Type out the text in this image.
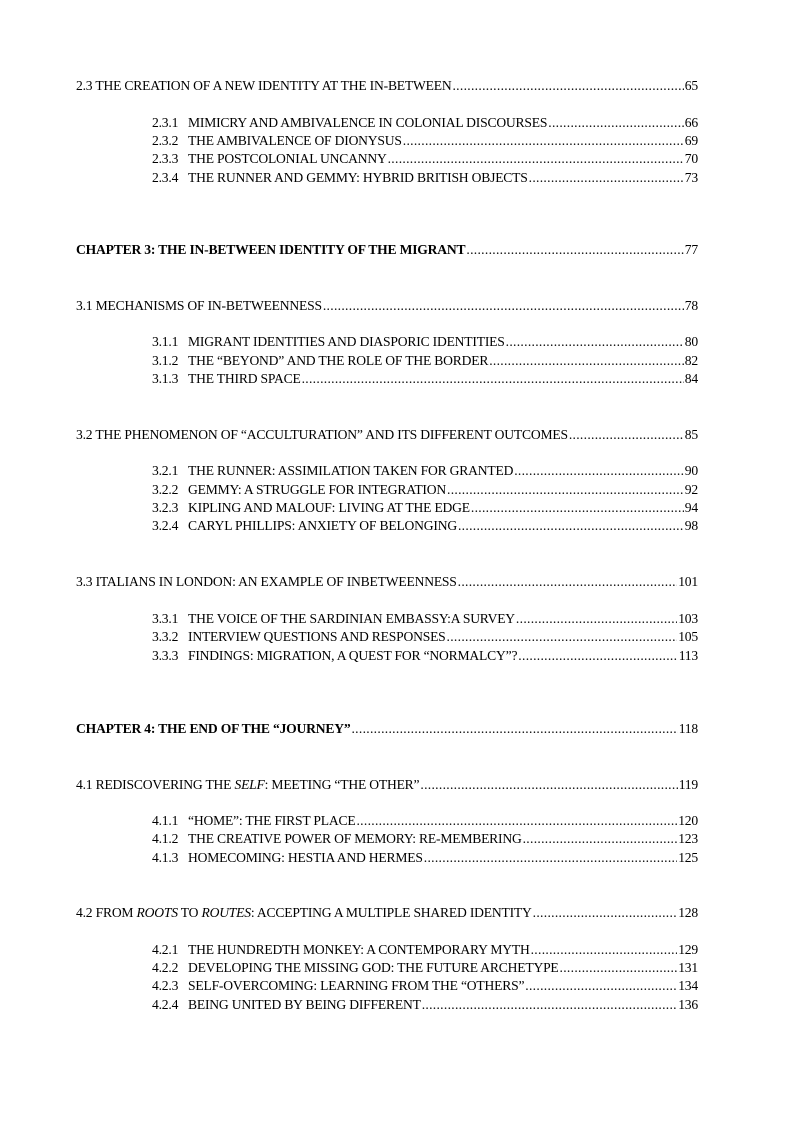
2.3 THE CREATION OF A NEW IDENTITY AT THE IN-BETWEEN .....	65
2.3.1 MIMICRY AND AMBIVALENCE IN COLONIAL DISCOURSES .....	66
2.3.2 THE AMBIVALENCE OF DIONYSUS .....	69
2.3.3 THE POSTCOLONIAL UNCANNY .....	70
2.3.4 THE RUNNER AND GEMMY: HYBRID BRITISH OBJECTS .....	73
CHAPTER 3: THE IN-BETWEEN IDENTITY OF THE MIGRANT .....	77
3.1 MECHANISMS OF IN-BETWEENNESS .....	78
3.1.1 MIGRANT IDENTITIES AND DIASPORIC IDENTITIES .....	80
3.1.2 THE “BEYOND” AND THE ROLE OF THE BORDER .....	82
3.1.3 THE THIRD SPACE .....	84
3.2 THE PHENOMENON OF “ACCULTURATION” AND ITS DIFFERENT OUTCOMES .....	85
3.2.1 THE RUNNER: ASSIMILATION TAKEN FOR GRANTED .....	90
3.2.2 GEMMY: A STRUGGLE FOR INTEGRATION .....	92
3.2.3 KIPLING AND MALOUF: LIVING AT THE EDGE .....	94
3.2.4 CARYL PHILLIPS: ANXIETY OF BELONGING .....	98
3.3 ITALIANS IN LONDON: AN EXAMPLE OF INBETWEENNESS .....	101
3.3.1 THE VOICE OF THE SARDINIAN EMBASSY:A SURVEY .....	103
3.3.2 INTERVIEW QUESTIONS AND RESPONSES .....	105
3.3.3 FINDINGS: MIGRATION, A QUEST FOR “NORMALCY”? .....	113
CHAPTER 4: THE END OF THE “JOURNEY” .....	118
4.1 REDISCOVERING THE SELF: MEETING “THE OTHER” .....	119
4.1.1 “HOME”: THE FIRST PLACE .....	120
4.1.2 THE CREATIVE POWER OF MEMORY: RE-MEMBERING .....	123
4.1.3 HOMECOMING: HESTIA AND HERMES .....	125
4.2 FROM ROOTS TO ROUTES: ACCEPTING A MULTIPLE SHARED IDENTITY .....	128
4.2.1 THE HUNDREDTH MONKEY: A CONTEMPORARY MYTH .....	129
4.2.2 DEVELOPING THE MISSING GOD: THE FUTURE ARCHETYPE .....	131
4.2.3 SELF-OVERCOMING: LEARNING FROM THE “OTHERS” .....	134
4.2.4 BEING UNITED BY BEING DIFFERENT .....	136
